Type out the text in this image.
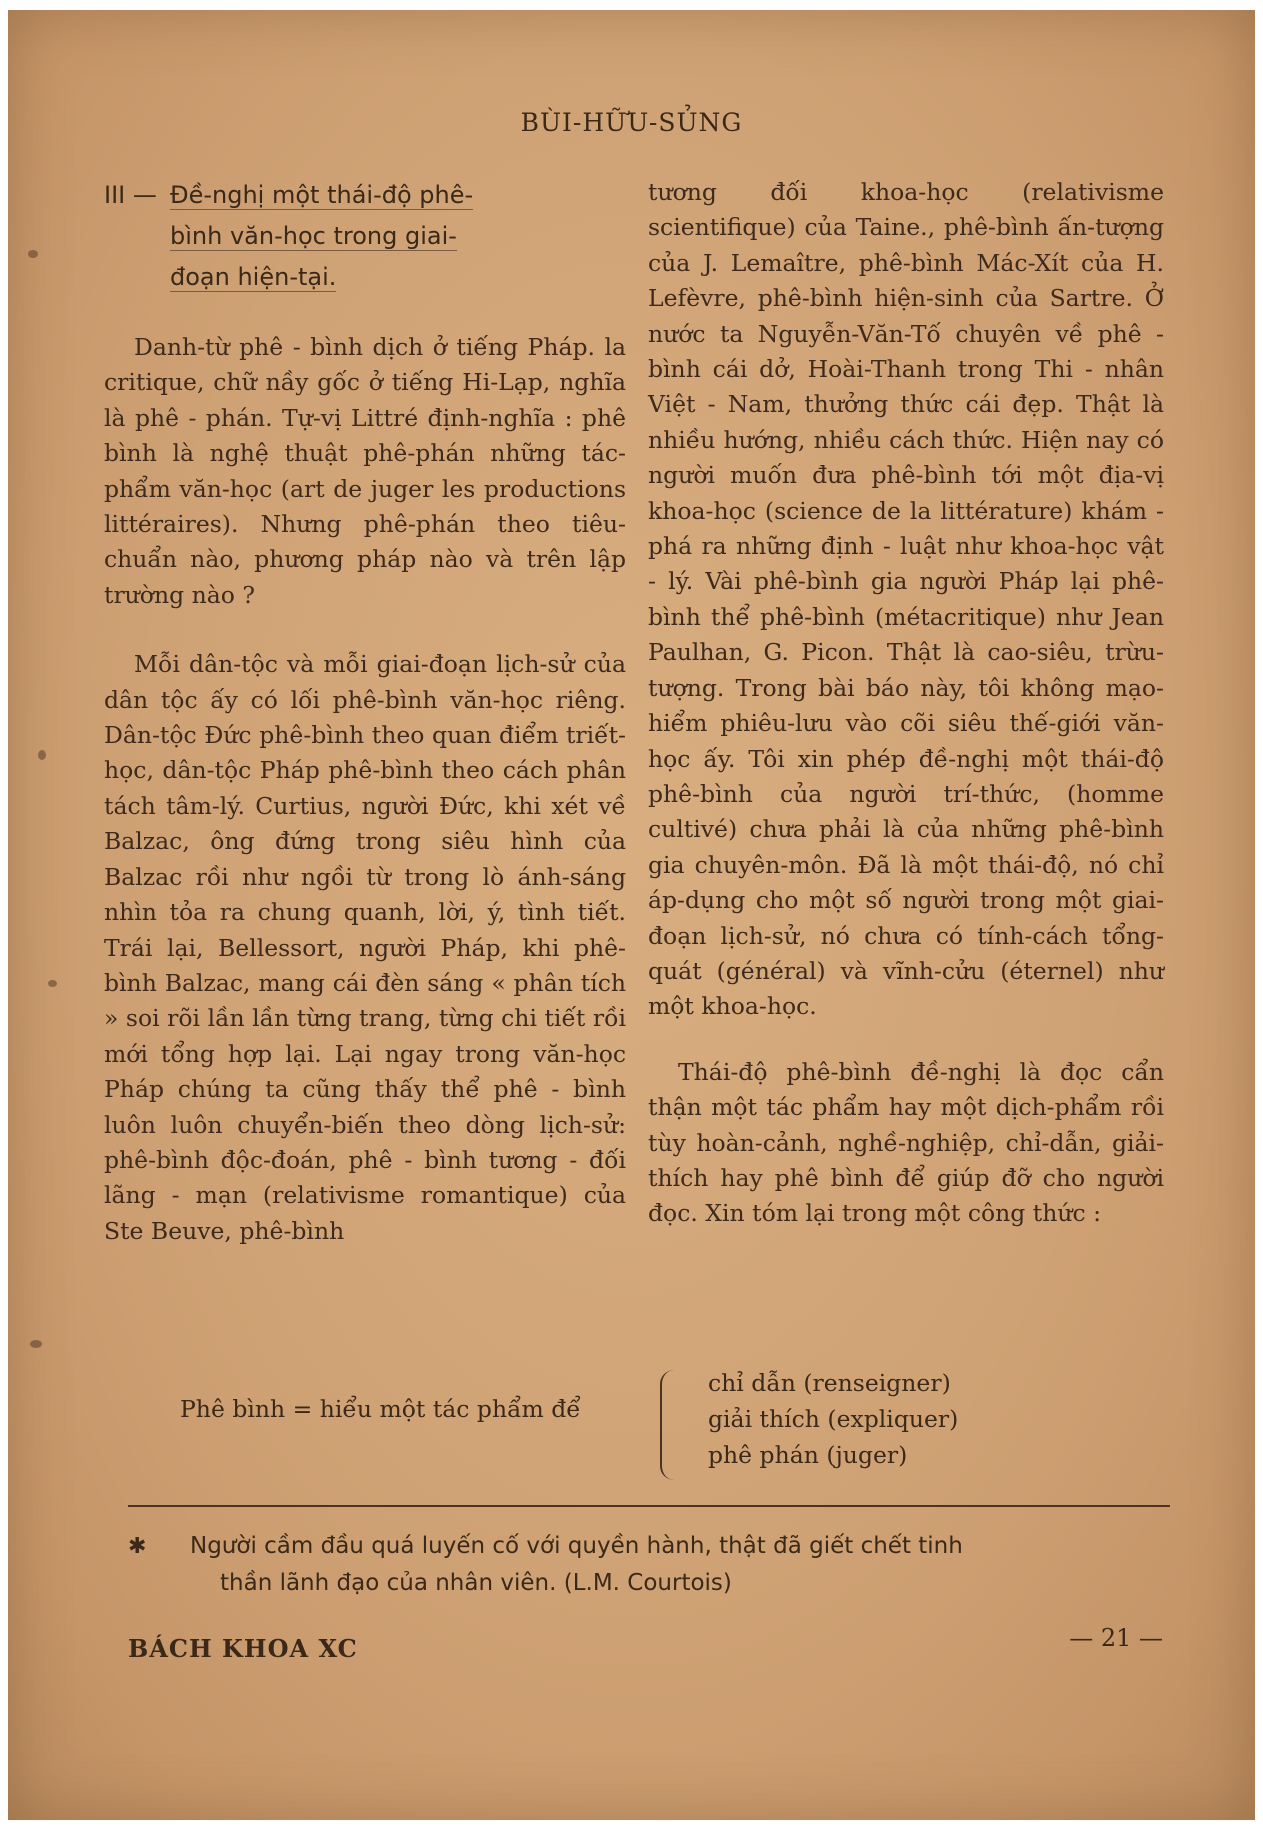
BÙI-HỮU-SỦNG
III — Đề-nghị một thái-độ phê-
bình văn-học trong giai-
đoạn hiện-tại.

Danh-từ phê - bình dịch ở tiếng Pháp. la critique, chữ nầy gốc ở tiếng Hi-Lạp, nghĩa là phê - phán. Tự-vị Littré định-nghĩa : phê bình là nghệ thuật phê-phán những tác-phẩm văn-học (art de juger les productions littéraires). Nhưng phê-phán theo tiêu-chuẩn nào, phương pháp nào và trên lập trường nào ?

Mỗi dân-tộc và mỗi giai-đoạn lịch-sử của dân tộc ấy có lối phê-bình văn-học riêng. Dân-tộc Đức phê-bình theo quan điểm triết-học, dân-tộc Pháp phê-bình theo cách phân tách tâm-lý. Curtius, người Đức, khi xét về Balzac, ông đứng trong siêu hình của Balzac rồi như ngồi từ trong lò ánh-sáng nhìn tỏa ra chung quanh, lời, ý, tình tiết. Trái lại, Bellessort, người Pháp, khi phê-bình Balzac, mang cái đèn sáng « phân tích » soi rõi lần lần từng trang, từng chi tiết rồi mới tổng hợp lại. Lại ngay trong văn-học Pháp chúng ta cũng thấy thể phê - bình luôn luôn chuyển-biến theo dòng lịch-sử: phê-bình độc-đoán, phê - bình tương - đối lãng - mạn (relativisme romantique) của Ste Beuve, phê-bình

tương đối khoa-học (relativisme scientifique) của Taine., phê-bình ấn-tượng của J. Lemaître, phê-bình Mác-Xít của H. Lefèvre, phê-bình hiện-sinh của Sartre. Ở nước ta Nguyễn-Văn-Tố chuyên về phê - bình cái dở, Hoài-Thanh trong Thi - nhân Việt - Nam, thưởng thức cái đẹp. Thật là nhiều hướng, nhiều cách thức. Hiện nay có người muốn đưa phê-bình tới một địa-vị khoa-học (science de la littérature) khám - phá ra những định - luật như khoa-học vật - lý. Vài phê-bình gia người Pháp lại phê-bình thể phê-bình (métacritique) như Jean Paulhan, G. Picon. Thật là cao-siêu, trừu-tượng. Trong bài báo này, tôi không mạo-hiểm phiêu-lưu vào cõi siêu thế-giới văn-học ấy. Tôi xin phép đề-nghị một thái-độ phê-bình của người trí-thức, (homme cultivé) chưa phải là của những phê-bình gia chuyên-môn. Đã là một thái-độ, nó chỉ áp-dụng cho một số người trong một giai-đoạn lịch-sử, nó chưa có tính-cách tổng-quát (général) và vĩnh-cửu (éternel) như một khoa-học.

Thái-độ phê-bình đề-nghị là đọc cẩn thận một tác phẩm hay một dịch-phẩm rồi tùy hoàn-cảnh, nghề-nghiệp, chỉ-dẫn, giải-thích hay phê bình để giúp đỡ cho người đọc. Xin tóm lại trong một công thức :

Phê bình = hiểu một tác phẩm để
chỉ dẫn (renseigner)
giải thích (expliquer)
phê phán (juger)
✱ Người cầm đầu quá luyến cố với quyền hành, thật đã giết chết tinh
thần lãnh đạo của nhân viên. (L.M. Courtois)
BÁCH KHOA XC	— 21 —
